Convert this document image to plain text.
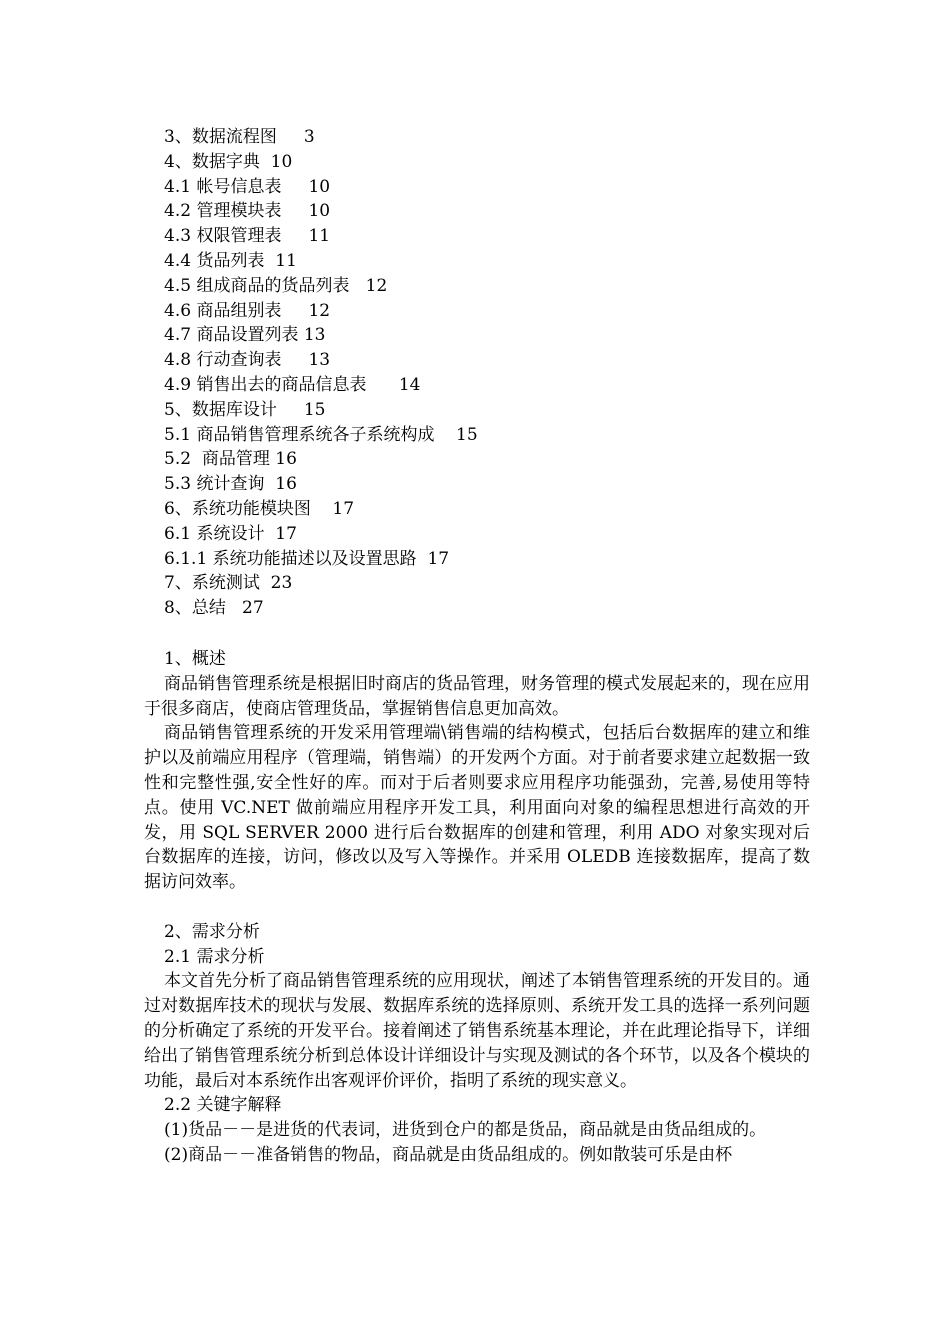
3、数据流程图     3
4、数据字典  10
4.1 帐号信息表     10
4.2 管理模块表     10
4.3 权限管理表     11
4.4 货品列表  11
4.5 组成商品的货品列表   12
4.6 商品组别表     12
4.7 商品设置列表 13
4.8 行动查询表     13
4.9 销售出去的商品信息表      14
5、数据库设计     15
5.1 商品销售管理系统各子系统构成    15
5.2  商品管理 16
5.3 统计查询  16
6、系统功能模块图    17
6.1 系统设计  17
6.1.1 系统功能描述以及设置思路  17
7、系统测试  23
8、总结   27
1、概述
商品销售管理系统是根据旧时商店的货品管理，财务管理的模式发展起来的，现在应用于很多商店，使商店管理货品，掌握销售信息更加高效。
商品销售管理系统的开发采用管理端\销售端的结构模式，包括后台数据库的建立和维护以及前端应用程序（管理端，销售端）的开发两个方面。对于前者要求建立起数据一致性和完整性强,安全性好的库。而对于后者则要求应用程序功能强劲，完善,易使用等特点。使用 VC.NET 做前端应用程序开发工具，利用面向对象的编程思想进行高效的开发，用 SQL SERVER 2000 进行后台数据库的创建和管理，利用 ADO 对象实现对后台数据库的连接，访问，修改以及写入等操作。并采用 OLEDB 连接数据库，提高了数据访问效率。
2、需求分析
2.1 需求分析
本文首先分析了商品销售管理系统的应用现状，阐述了本销售管理系统的开发目的。通过对数据库技术的现状与发展、数据库系统的选择原则、系统开发工具的选择一系列问题的分析确定了系统的开发平台。接着阐述了销售系统基本理论，并在此理论指导下，详细给出了销售管理系统分析到总体设计详细设计与实现及测试的各个环节，以及各个模块的功能，最后对本系统作出客观评价评价，指明了系统的现实意义。
2.2 关键字解释
(1)货品－－是进货的代表词，进货到仓户的都是货品，商品就是由货品组成的。
(2)商品－－准备销售的物品，商品就是由货品组成的。例如散装可乐是由杯
